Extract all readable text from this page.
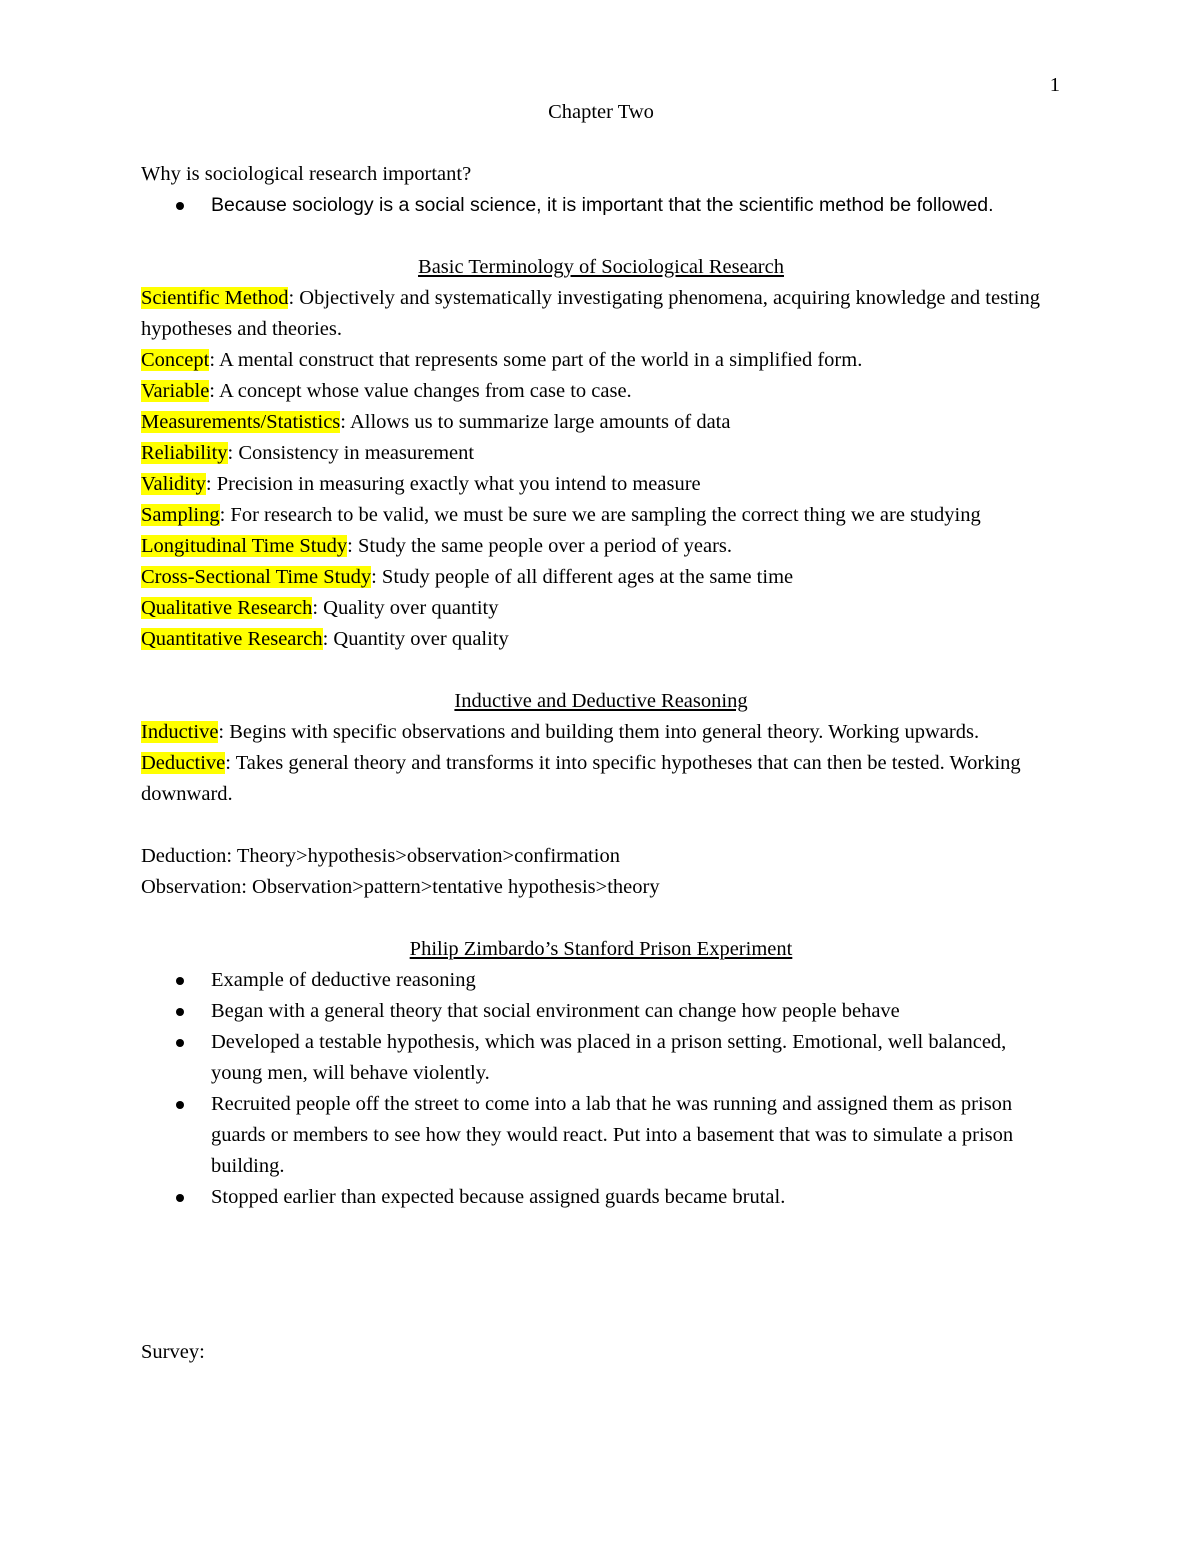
1

Chapter Two

Why is sociological research important?

Because sociology is a social science, it is important that the scientific method be followed.

Basic Terminology of Sociological Research

Scientific Method: Objectively and systematically investigating phenomena, acquiring knowledge and testing hypotheses and theories.

Concept: A mental construct that represents some part of the world in a simplified form.

Variable: A concept whose value changes from case to case.

Measurements/Statistics: Allows us to summarize large amounts of data

Reliability: Consistency in measurement

Validity: Precision in measuring exactly what you intend to measure

Sampling: For research to be valid, we must be sure we are sampling the correct thing we are studying

Longitudinal Time Study: Study the same people over a period of years.

Cross-Sectional Time Study: Study people of all different ages at the same time

Qualitative Research: Quality over quantity

Quantitative Research: Quantity over quality

Inductive and Deductive Reasoning

Inductive: Begins with specific observations and building them into general theory. Working upwards.

Deductive: Takes general theory and transforms it into specific hypotheses that can then be tested. Working downward.

Deduction: Theory>hypothesis>observation>confirmation

Observation: Observation>pattern>tentative hypothesis>theory

Philip Zimbardo’s Stanford Prison Experiment

Example of deductive reasoning
Began with a general theory that social environment can change how people behave
Developed a testable hypothesis, which was placed in a prison setting. Emotional, well balanced, young men, will behave violently.
Recruited people off the street to come into a lab that he was running and assigned them as prison guards or members to see how they would react. Put into a basement that was to simulate a prison building.
Stopped earlier than expected because assigned guards became brutal.

Survey:
